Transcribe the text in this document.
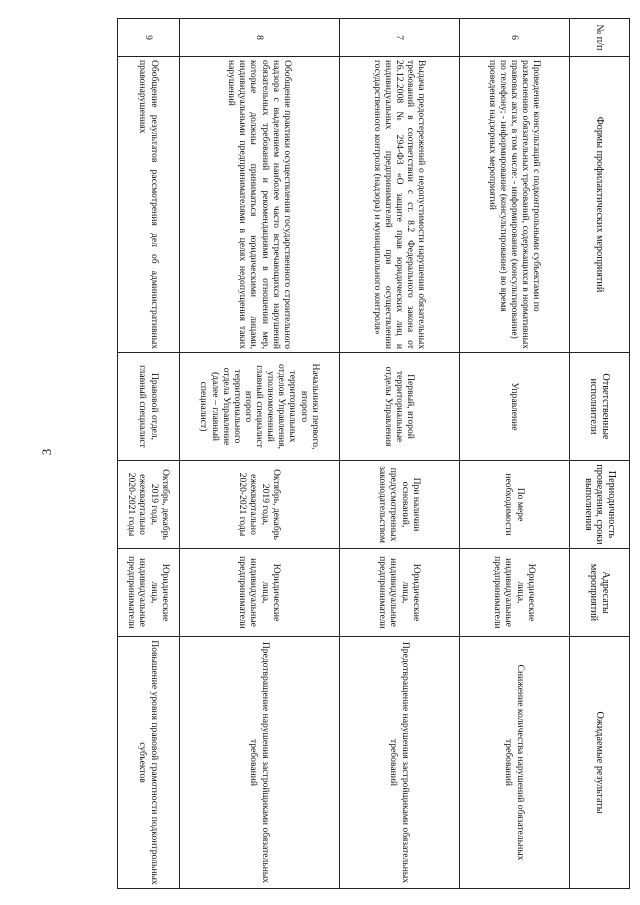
3
№ п/п	Формы профилактических мероприятий	Ответственные исполнители	Периодичность проведения, сроки выполнения	Адресаты мероприятий	Ожидаемые результаты
6	Проведение консультаций с подконтрольными субъектами по разъяснению обязательных требований, содержащихся в нормативных правовых актах, в том числе: - информирование (консультирование) по телефону; - информирование (консультирование) во время проведения надзорных мероприятий	Управление	По мере необходимости	Юридические лица, индивидуальные предприниматели	Снижение количества нарушений обязательных требований
7	Выдача предостережений о недопустимости нарушения обязательных требований в соответствии с ст. 8.2 Федерального закона от 26.12.2008 № 294-ФЗ «О защите прав юридических лиц и индивидуальных предпринимателей при осуществлении государственного контроля (надзора) и муниципального контроля»	Первый, второй территориальные отделы Управления	При наличии оснований, предусмотренных законодательством	Юридические лица, индивидуальные предприниматели	Предотвращение нарушения застройщиками обязательных требований
8	Обобщение практики осуществления государственного строительного надзора с выделением наиболее часто встречающихся нарушений обязательных требований и рекомендациями в отношении мер, которые должны приниматься юридическими лицами, индивидуальными предпринимателями в целях недопущения таких нарушений	Начальники первого, второго территориальных отделов Управления, уполномоченный главный специалист второго территориального отдела Управление (далее – главный специалист)	Октябрь, декабрь 2019 года, ежеквартально 2020-2021 годы	Юридические лица, индивидуальные предприниматели	Предотвращение нарушения застройщиками обязательных требований
9	Обобщение результатов рассмотрения дел об административных правонарушениях	Правовой отдел, главный специалист	Октябрь, декабрь 2019 года, ежеквартально 2020-2021 годы	Юридические лица, индивидуальные предприниматели	Повышение уровня правовой грамотности подконтрольных субъектов
